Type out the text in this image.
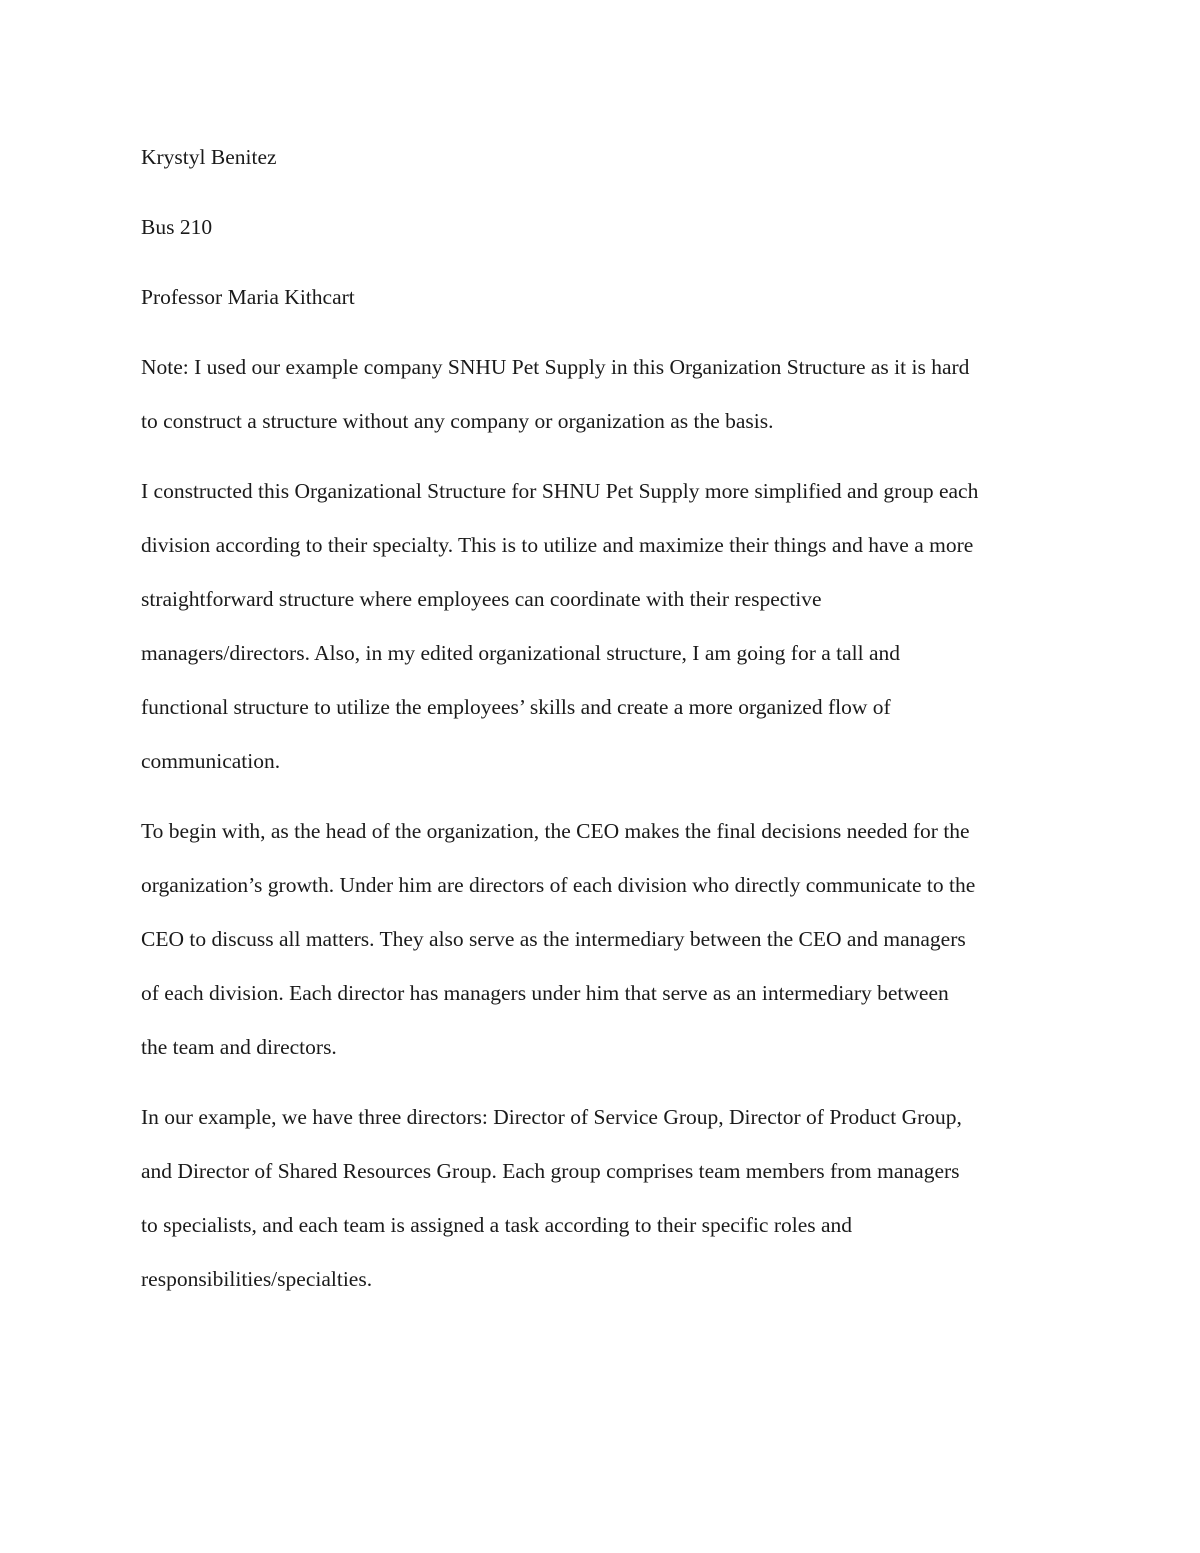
Krystyl Benitez
Bus 210
Professor Maria Kithcart
Note: I used our example company SNHU Pet Supply in this Organization Structure as it is hard
to construct a structure without any company or organization as the basis.
I constructed this Organizational Structure for SHNU Pet Supply more simplified and group each
division according to their specialty. This is to utilize and maximize their things and have a more
straightforward structure where employees can coordinate with their respective
managers/directors. Also, in my edited organizational structure, I am going for a tall and
functional structure to utilize the employees’ skills and create a more organized flow of
communication.
To begin with, as the head of the organization, the CEO makes the final decisions needed for the
organization’s growth. Under him are directors of each division who directly communicate to the
CEO to discuss all matters. They also serve as the intermediary between the CEO and managers
of each division. Each director has managers under him that serve as an intermediary between
the team and directors.
In our example, we have three directors: Director of Service Group, Director of Product Group,
and Director of Shared Resources Group. Each group comprises team members from managers
to specialists, and each team is assigned a task according to their specific roles and
responsibilities/specialties.
